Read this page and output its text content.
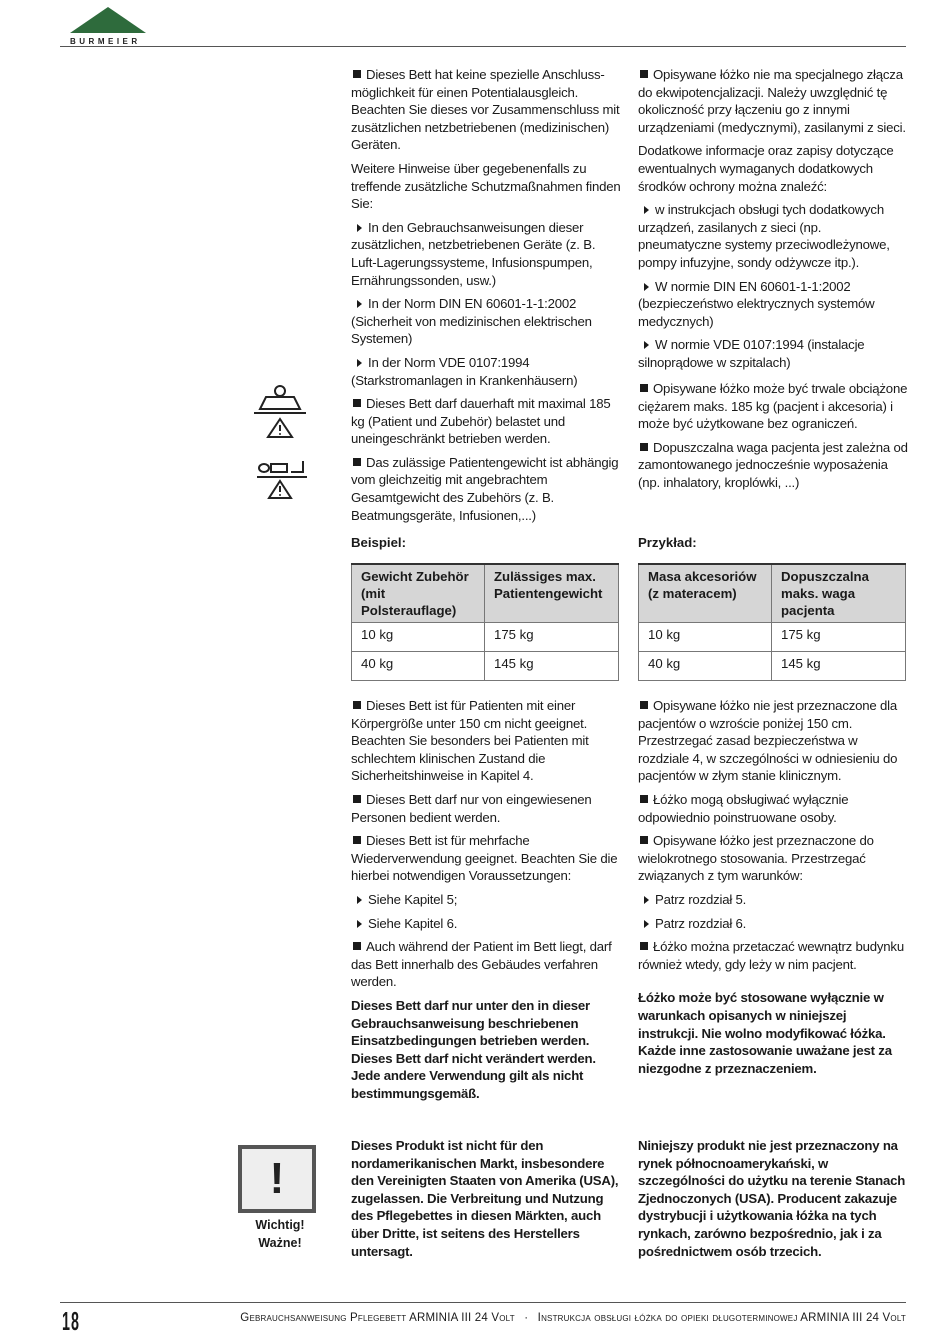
BURMEIER

Dieses Bett hat keine spezielle Anschluss-möglichkeit für einen Potentialausgleich. Beachten Sie dieses vor Zusammenschluss mit zusätzlichen netzbetriebenen (medizinischen) Geräten.

Weitere Hinweise über gegebenenfalls zu treffende zusätzliche Schutzmaßnahmen finden Sie:

In den Gebrauchsanweisungen dieser zusätzlichen, netzbetriebenen Geräte (z. B. Luft-Lagerungssysteme, Infusionspumpen, Ernährungssonden, usw.)

In der Norm DIN EN 60601-1-1:2002 (Sicherheit von medizinischen elektrischen Systemen)

In der Norm VDE 0107:1994 (Starkstromanlagen in Krankenhäusern)

Dieses Bett darf dauerhaft mit maximal 185 kg (Patient und Zubehör) belastet und uneingeschränkt betrieben werden.

Das zulässige Patientengewicht ist abhängig vom gleichzeitig mit angebrachtem Gesamtgewicht des Zubehörs (z. B. Beatmungsgeräte, Infusionen,...)

Opisywane łóżko nie ma specjalnego złącza do ekwipotencjalizacji. Należy uwzględnić tę okoliczność przy łączeniu go z innymi urządzeniami (medycznymi), zasilanymi z sieci.

Dodatkowe informacje oraz zapisy dotyczące ewentualnych wymaganych dodatkowych środków ochrony można znaleźć:

w instrukcjach obsługi tych dodatkowych urządzeń, zasilanych z sieci (np. pneumatyczne systemy przeciwodleżynowe, pompy infuzyjne, sondy odżywcze itp.).

W normie DIN EN 60601-1-1:2002 (bezpieczeństwo elektrycznych systemów medycznych)

W normie VDE 0107:1994 (instalacje silnoprądowe w szpitalach)

Opisywane łóżko może być trwale obciążone ciężarem maks. 185 kg (pacjent i akcesoria) i może być użytkowane bez ograniczeń.

Dopuszczalna waga pacjenta jest zależna od zamontowanego jednocześnie wyposażenia (np. inhalatory, kroplówki, ...)

Beispiel:	Przykład:
Gewicht Zubehör (mit Polsterauflage)	Zulässiges max. Patientengewicht
10 kg	175 kg
40 kg	145 kg
Masa akcesoriów (z materacem)	Dopuszczalna maks. waga pacjenta
10 kg	175 kg
40 kg	145 kg

Dieses Bett ist für Patienten mit einer Körpergröße unter 150 cm nicht geeignet. Beachten Sie besonders bei Patienten mit schlechtem klinischen Zustand die Sicherheitshinweise in Kapitel 4.

Dieses Bett darf nur von eingewiesenen Personen bedient werden.

Dieses Bett ist für mehrfache Wiederverwendung geeignet. Beachten Sie die hierbei notwendigen Voraussetzungen:

Siehe Kapitel 5;

Siehe Kapitel 6.

Auch während der Patient im Bett liegt, darf das Bett innerhalb des Gebäudes verfahren werden.

Dieses Bett darf nur unter den in dieser Gebrauchsanweisung beschriebenen Einsatzbedingungen betrieben werden. Dieses Bett darf nicht verändert werden. Jede andere Verwendung gilt als nicht bestimmungsgemäß.

Opisywane łóżko nie jest przeznaczone dla pacjentów o wzroście poniżej 150 cm. Przestrzegać zasad bezpieczeństwa w rozdziale 4, w szczególności w odniesieniu do pacjentów w złym stanie klinicznym.

Łóżko mogą obsługiwać wyłącznie odpowiednio poinstruowane osoby.

Opisywane łóżko jest przeznaczone do wielokrotnego stosowania. Przestrzegać związanych z tym warunków:

Patrz rozdział 5.

Patrz rozdział 6.

Łóżko można przetaczać wewnątrz budynku również wtedy, gdy leży w nim pacjent.

Łóżko może być stosowane wyłącznie w warunkach opisanych w niniejszej instrukcji. Nie wolno modyfikować łóżka. Każde inne zastosowanie uważane jest za niezgodne z przeznaczeniem.

!
Wichtig!
Ważne!

Dieses Produkt ist nicht für den nordamerikanischen Markt, insbesondere den Vereinigten Staaten von Amerika (USA), zugelassen. Die Verbreitung und Nutzung des Pflegebettes in diesen Märkten, auch über Dritte, ist seitens des Herstellers untersagt.

Niniejszy produkt nie jest przeznaczony na rynek północnoamerykański, w szczególności do użytku na terenie Stanach Zjednoczonych (USA). Producent zakazuje dystrybucji i użytkowania łóżka na tych rynkach, zarówno bezpośrednio, jak i za pośrednictwem osób trzecich.

18	Gebrauchsanweisung Pflegebett ARMINIA III 24 Volt · Instrukcja obsługi łóżka do opieki długoterminowej ARMINIA III 24 Volt
